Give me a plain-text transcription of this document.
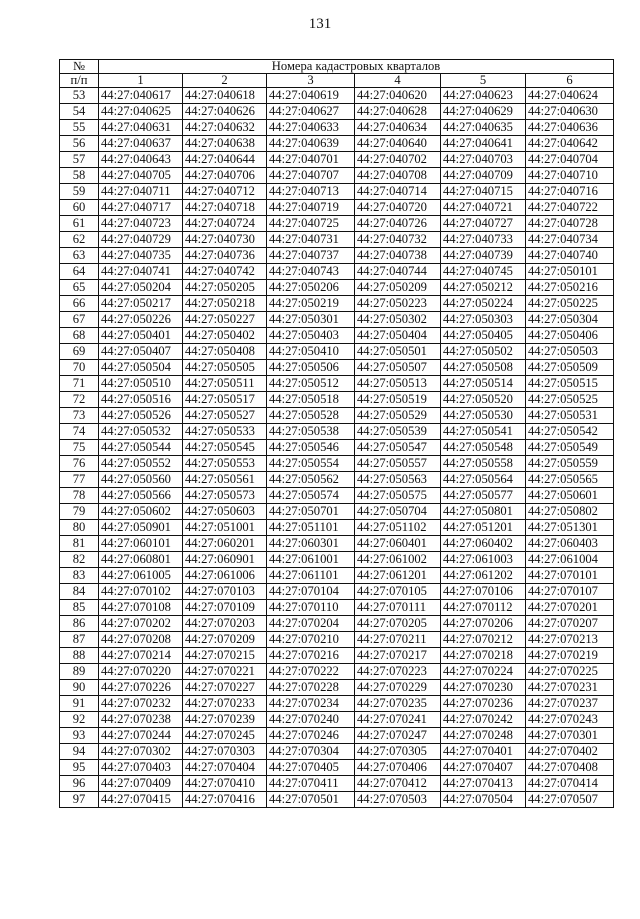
131
№	Номера кадастровых кварталов					
п/п	1	2	3	4	5	6
53	44:27:040617	44:27:040618	44:27:040619	44:27:040620	44:27:040623	44:27:040624
54	44:27:040625	44:27:040626	44:27:040627	44:27:040628	44:27:040629	44:27:040630
55	44:27:040631	44:27:040632	44:27:040633	44:27:040634	44:27:040635	44:27:040636
56	44:27:040637	44:27:040638	44:27:040639	44:27:040640	44:27:040641	44:27:040642
57	44:27:040643	44:27:040644	44:27:040701	44:27:040702	44:27:040703	44:27:040704
58	44:27:040705	44:27:040706	44:27:040707	44:27:040708	44:27:040709	44:27:040710
59	44:27:040711	44:27:040712	44:27:040713	44:27:040714	44:27:040715	44:27:040716
60	44:27:040717	44:27:040718	44:27:040719	44:27:040720	44:27:040721	44:27:040722
61	44:27:040723	44:27:040724	44:27:040725	44:27:040726	44:27:040727	44:27:040728
62	44:27:040729	44:27:040730	44:27:040731	44:27:040732	44:27:040733	44:27:040734
63	44:27:040735	44:27:040736	44:27:040737	44:27:040738	44:27:040739	44:27:040740
64	44:27:040741	44:27:040742	44:27:040743	44:27:040744	44:27:040745	44:27:050101
65	44:27:050204	44:27:050205	44:27:050206	44:27:050209	44:27:050212	44:27:050216
66	44:27:050217	44:27:050218	44:27:050219	44:27:050223	44:27:050224	44:27:050225
67	44:27:050226	44:27:050227	44:27:050301	44:27:050302	44:27:050303	44:27:050304
68	44:27:050401	44:27:050402	44:27:050403	44:27:050404	44:27:050405	44:27:050406
69	44:27:050407	44:27:050408	44:27:050410	44:27:050501	44:27:050502	44:27:050503
70	44:27:050504	44:27:050505	44:27:050506	44:27:050507	44:27:050508	44:27:050509
71	44:27:050510	44:27:050511	44:27:050512	44:27:050513	44:27:050514	44:27:050515
72	44:27:050516	44:27:050517	44:27:050518	44:27:050519	44:27:050520	44:27:050525
73	44:27:050526	44:27:050527	44:27:050528	44:27:050529	44:27:050530	44:27:050531
74	44:27:050532	44:27:050533	44:27:050538	44:27:050539	44:27:050541	44:27:050542
75	44:27:050544	44:27:050545	44:27:050546	44:27:050547	44:27:050548	44:27:050549
76	44:27:050552	44:27:050553	44:27:050554	44:27:050557	44:27:050558	44:27:050559
77	44:27:050560	44:27:050561	44:27:050562	44:27:050563	44:27:050564	44:27:050565
78	44:27:050566	44:27:050573	44:27:050574	44:27:050575	44:27:050577	44:27:050601
79	44:27:050602	44:27:050603	44:27:050701	44:27:050704	44:27:050801	44:27:050802
80	44:27:050901	44:27:051001	44:27:051101	44:27:051102	44:27:051201	44:27:051301
81	44:27:060101	44:27:060201	44:27:060301	44:27:060401	44:27:060402	44:27:060403
82	44:27:060801	44:27:060901	44:27:061001	44:27:061002	44:27:061003	44:27:061004
83	44:27:061005	44:27:061006	44:27:061101	44:27:061201	44:27:061202	44:27:070101
84	44:27:070102	44:27:070103	44:27:070104	44:27:070105	44:27:070106	44:27:070107
85	44:27:070108	44:27:070109	44:27:070110	44:27:070111	44:27:070112	44:27:070201
86	44:27:070202	44:27:070203	44:27:070204	44:27:070205	44:27:070206	44:27:070207
87	44:27:070208	44:27:070209	44:27:070210	44:27:070211	44:27:070212	44:27:070213
88	44:27:070214	44:27:070215	44:27:070216	44:27:070217	44:27:070218	44:27:070219
89	44:27:070220	44:27:070221	44:27:070222	44:27:070223	44:27:070224	44:27:070225
90	44:27:070226	44:27:070227	44:27:070228	44:27:070229	44:27:070230	44:27:070231
91	44:27:070232	44:27:070233	44:27:070234	44:27:070235	44:27:070236	44:27:070237
92	44:27:070238	44:27:070239	44:27:070240	44:27:070241	44:27:070242	44:27:070243
93	44:27:070244	44:27:070245	44:27:070246	44:27:070247	44:27:070248	44:27:070301
94	44:27:070302	44:27:070303	44:27:070304	44:27:070305	44:27:070401	44:27:070402
95	44:27:070403	44:27:070404	44:27:070405	44:27:070406	44:27:070407	44:27:070408
96	44:27:070409	44:27:070410	44:27:070411	44:27:070412	44:27:070413	44:27:070414
97	44:27:070415	44:27:070416	44:27:070501	44:27:070503	44:27:070504	44:27:070507
